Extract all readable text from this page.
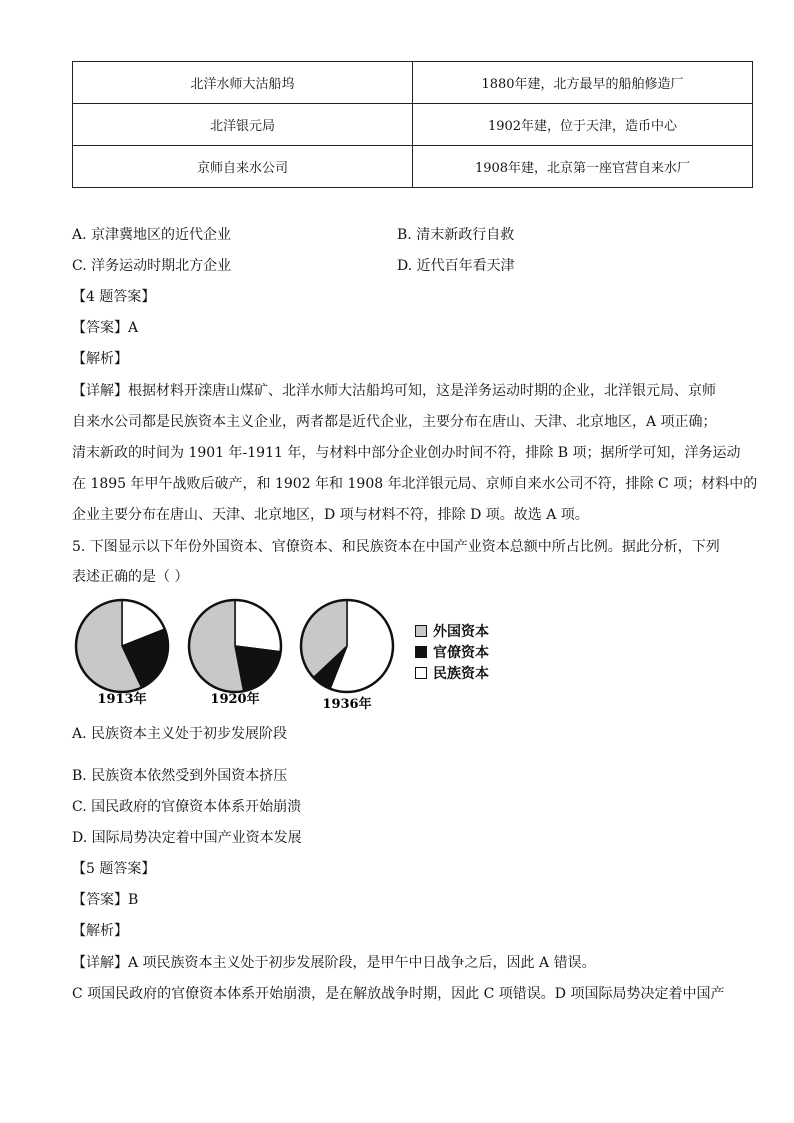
北洋水师大沽船坞	1880年建，北方最早的船舶修造厂
北洋银元局	1902年建，位于天津，造币中心
京师自来水公司	1908年建，北京第一座官营自来水厂
A. 京津冀地区的近代企业	B. 清末新政行自救
C. 洋务运动时期北方企业	D. 近代百年看天津
【4 题答案】
【答案】A
【解析】
【详解】根据材料开滦唐山煤矿、北洋水师大沽船坞可知，这是洋务运动时期的企业，北洋银元局、京师
自来水公司都是民族资本主义企业，两者都是近代企业，主要分布在唐山、天津、北京地区，A 项正确；
清末新政的时间为 1901 年-1911 年，与材料中部分企业创办时间不符，排除 B 项；据所学可知，洋务运动
在 1895 年甲午战败后破产，和 1902 年和 1908 年北洋银元局、京师自来水公司不符，排除 C 项；材料中的
企业主要分布在唐山、天津、北京地区，D 项与材料不符，排除 D 项。故选 A 项。
5. 下图显示以下年份外国资本、官僚资本、和民族资本在中国产业资本总额中所占比例。据此分析，下列
表述正确的是（ ）
1913年	1920年	1936年
外国资本
官僚资本
民族资本
A. 民族资本主义处于初步发展阶段
B. 民族资本依然受到外国资本挤压
C. 国民政府的官僚资本体系开始崩溃
D. 国际局势决定着中国产业资本发展
【5 题答案】
【答案】B
【解析】
【详解】A 项民族资本主义处于初步发展阶段，是甲午中日战争之后，因此 A 错误。
C 项国民政府的官僚资本体系开始崩溃，是在解放战争时期，因此 C 项错误。D 项国际局势决定着中国产
